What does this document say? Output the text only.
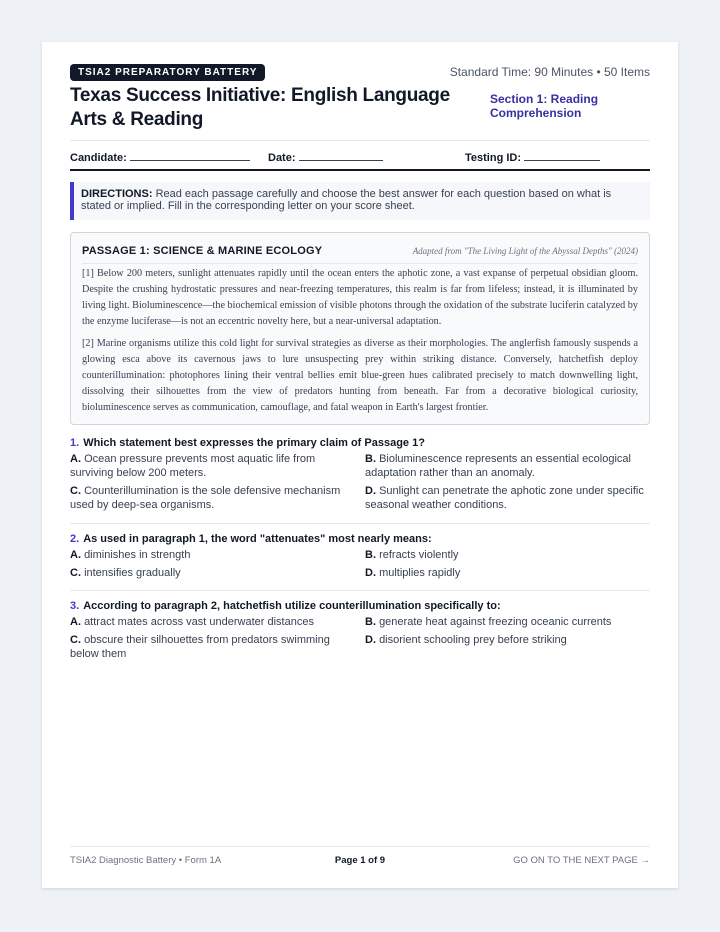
TSIA2 PREPARATORY BATTERY	Standard Time: 90 Minutes • 50 Items
Texas Success Initiative: English Language Arts & Reading
Section 1: Reading Comprehension
Candidate:	Date:	Testing ID:
DIRECTIONS: Read each passage carefully and choose the best answer for each question based on what is stated or implied. Fill in the corresponding letter on your score sheet.
PASSAGE 1: SCIENCE & MARINE ECOLOGY	Adapted from "The Living Light of the Abyssal Depths" (2024)

[1] Below 200 meters, sunlight attenuates rapidly until the ocean enters the aphotic zone, a vast expanse of perpetual obsidian gloom. Despite the crushing hydrostatic pressures and near-freezing temperatures, this realm is far from lifeless; instead, it is illuminated by living light. Bioluminescence—the biochemical emission of visible photons through the oxidation of the substrate luciferin catalyzed by the enzyme luciferase—is not an eccentric novelty here, but a near-universal adaptation.

[2] Marine organisms utilize this cold light for survival strategies as diverse as their morphologies. The anglerfish famously suspends a glowing esca above its cavernous jaws to lure unsuspecting prey within striking distance. Conversely, hatchetfish deploy counterillumination: photophores lining their ventral bellies emit blue-green hues calibrated precisely to match downwelling light, dissolving their silhouettes from the view of predators hunting from beneath. Far from a decorative biological curiosity, bioluminescence serves as communication, camouflage, and fatal weapon in Earth's largest frontier.

1. Which statement best expresses the primary claim of Passage 1?
A. Ocean pressure prevents most aquatic life from surviving below 200 meters.
B. Bioluminescence represents an essential ecological adaptation rather than an anomaly.
C. Counterillumination is the sole defensive mechanism used by deep-sea organisms.
D. Sunlight can penetrate the aphotic zone under specific seasonal weather conditions.
2. As used in paragraph 1, the word "attenuates" most nearly means:
A. diminishes in strength	B. refracts violently
C. intensifies gradually	D. multiplies rapidly
3. According to paragraph 2, hatchetfish utilize counterillumination specifically to:
A. attract mates across vast underwater distances	B. generate heat against freezing oceanic currents
C. obscure their silhouettes from predators swimming below them
D. disorient schooling prey before striking
TSIA2 Diagnostic Battery • Form 1A	Page 1 of 9	GO ON TO THE NEXT PAGE →
